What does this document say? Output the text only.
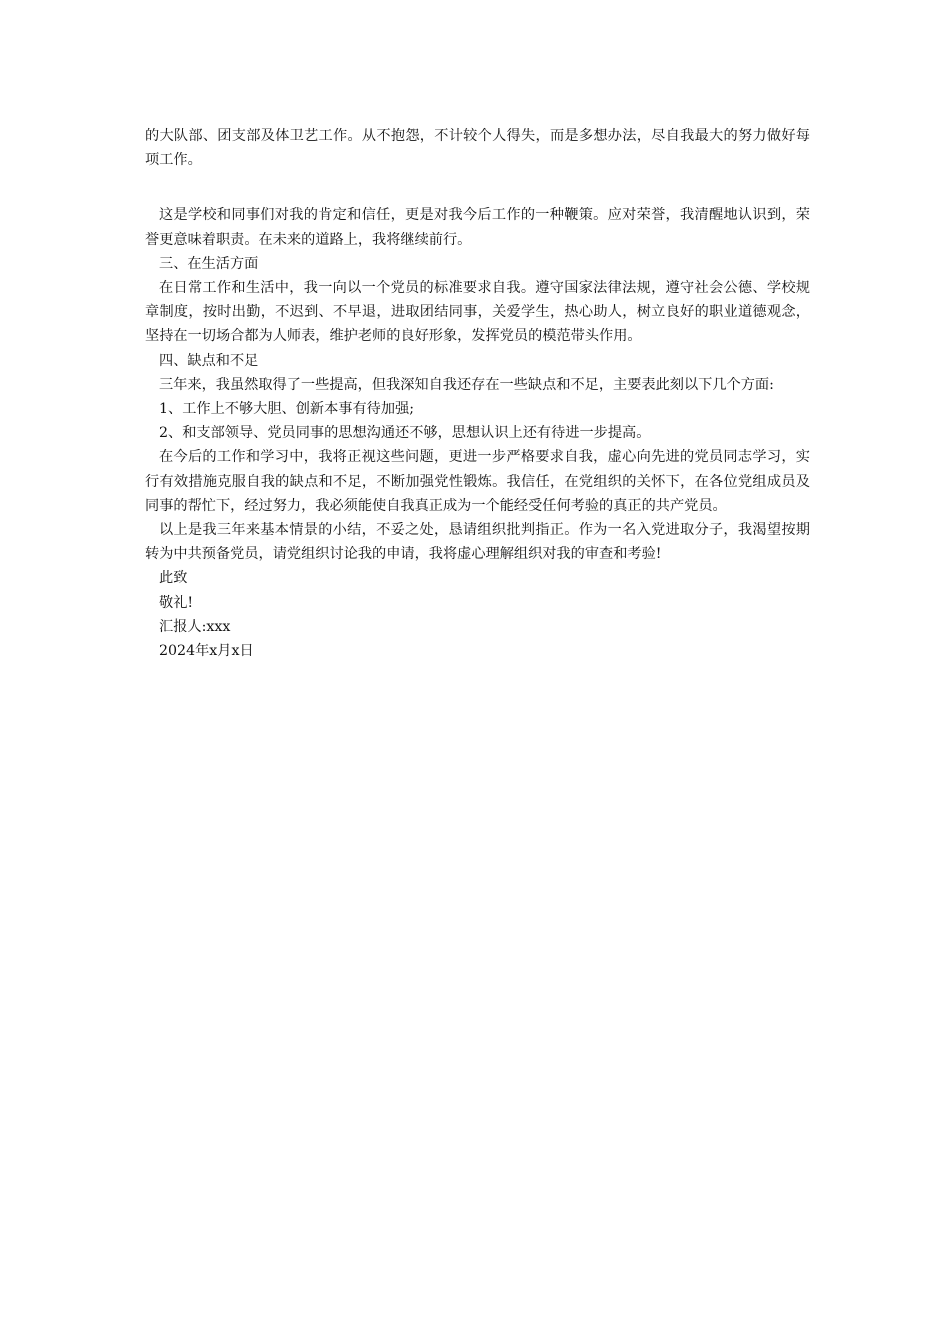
的大队部、团支部及体卫艺工作。从不抱怨，不计较个人得失，而是多想办法，尽自我最大的努力做好每项工作。

这是学校和同事们对我的肯定和信任，更是对我今后工作的一种鞭策。应对荣誉，我清醒地认识到，荣誉更意味着职责。在未来的道路上，我将继续前行。

三、在生活方面

在日常工作和生活中，我一向以一个党员的标准要求自我。遵守国家法律法规，遵守社会公德、学校规章制度，按时出勤，不迟到、不早退，进取团结同事，关爱学生，热心助人，树立良好的职业道德观念，坚持在一切场合都为人师表，维护老师的良好形象，发挥党员的模范带头作用。

四、缺点和不足

三年来，我虽然取得了一些提高，但我深知自我还存在一些缺点和不足，主要表此刻以下几个方面:

1、工作上不够大胆、创新本事有待加强;

2、和支部领导、党员同事的思想沟通还不够，思想认识上还有待进一步提高。

在今后的工作和学习中，我将正视这些问题，更进一步严格要求自我，虚心向先进的党员同志学习，实行有效措施克服自我的缺点和不足，不断加强党性锻炼。我信任，在党组织的关怀下，在各位党组成员及同事的帮忙下，经过努力，我必须能使自我真正成为一个能经受任何考验的真正的共产党员。

以上是我三年来基本情景的小结，不妥之处，恳请组织批判指正。作为一名入党进取分子，我渴望按期转为中共预备党员，请党组织讨论我的申请，我将虚心理解组织对我的审查和考验!

此致

敬礼!

汇报人:xxx

2024年x月x日
